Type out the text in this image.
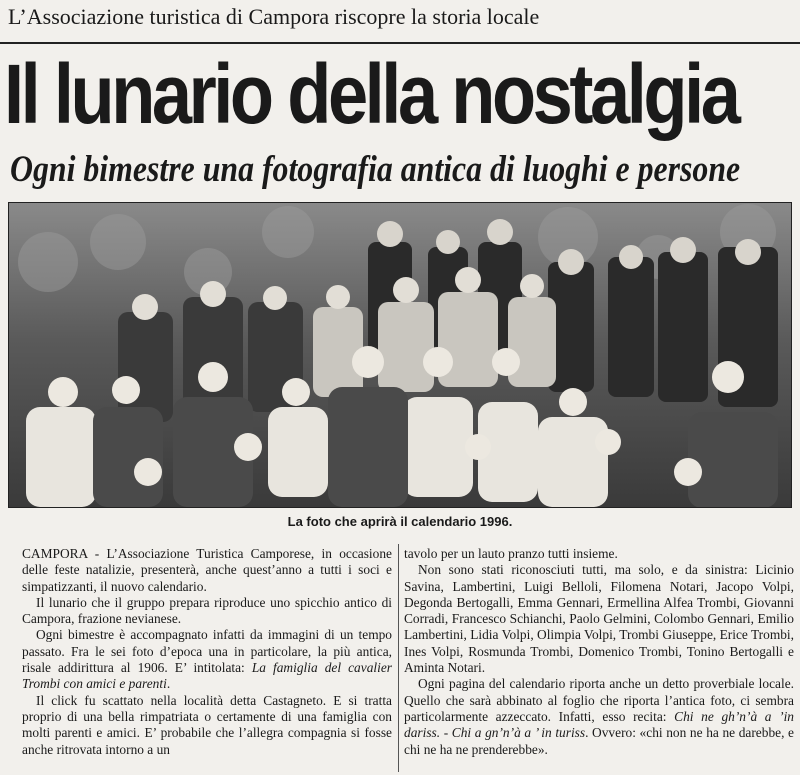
L’Associazione turistica di Campora riscopre la storia locale
Il lunario della nostalgia
Ogni bimestre una fotografia antica di luoghi e persone
La foto che aprirà il calendario 1996.

CAMPORA - L’Associazione Turistica Camporese, in occasione delle feste natalizie, presenterà, anche quest’anno a tutti i soci e simpatizzanti, il nuovo calendario.

Il lunario che il gruppo prepara riproduce uno spicchio antico di Campora, frazione nevianese.

Ogni bimestre è accompagnato infatti da immagini di un tempo passato. Fra le sei foto d’epoca una in particolare, la più antica, risale addirittura al 1906. E’ intitolata: La famiglia del cavalier Trombi con amici e parenti.

Il click fu scattato nella località detta Castagneto. E si tratta proprio di una bella rimpatriata o certamente di una famiglia con molti parenti e amici. E’ probabile che l’allegra compagnia si fosse anche ritrovata intorno a un

tavolo per un lauto pranzo tutti insieme.

Non sono stati riconosciuti tutti, ma solo, e da sinistra: Licinio Savina, Lambertini, Luigi Belloli, Filomena Notari, Jacopo Volpi, Degonda Bertogalli, Emma Gennari, Ermellina Alfea Trombi, Giovanni Corradi, Francesco Schianchi, Paolo Gelmini, Colombo Gennari, Emilio Lambertini, Lidia Volpi, Olimpia Volpi, Trombi Giuseppe, Erice Trombi, Ines Volpi, Rosmunda Trombi, Domenico Trombi, Tonino Bertogalli e Aminta Notari.

Ogni pagina del calendario riporta anche un detto proverbiale locale. Quello che sarà abbinato al foglio che riporta l’antica foto, ci sembra particolarmente azzeccato. Infatti, esso recita: Chi ne gh’n’à a ’in dariss. - Chi a gn’n’à a ’ in turiss. Ovvero: «chi non ne ha ne darebbe, e chi ne ha ne prenderebbe».
